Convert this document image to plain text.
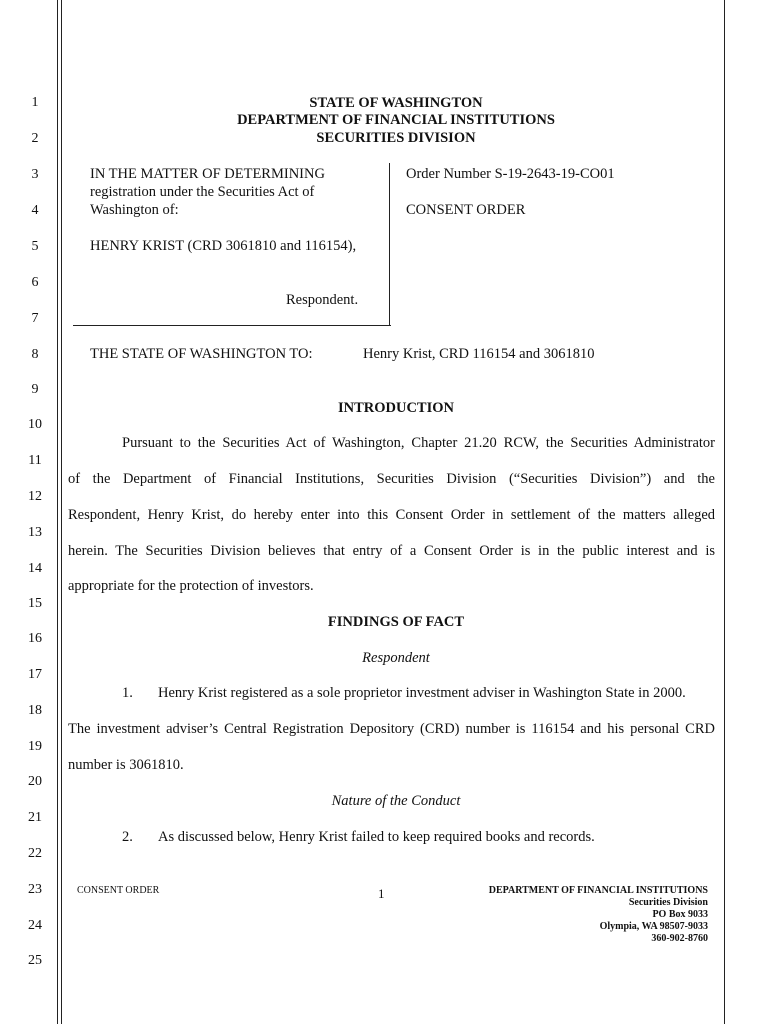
1
2
3
4
5
6
7
8
9
10
11
12
13
14
15
16
17
18
19
20
21
22
23
24
25
STATE OF WASHINGTON
DEPARTMENT OF FINANCIAL INSTITUTIONS
SECURITIES DIVISION
IN THE MATTER OF DETERMINING
registration under the Securities Act of
Washington of:
HENRY KRIST (CRD 3061810 and 116154),
Respondent.
Order Number S-19-2643-19-CO01
CONSENT ORDER
THE STATE OF WASHINGTON TO:	Henry Krist, CRD 116154 and 3061810
INTRODUCTION
Pursuant to the Securities Act of Washington, Chapter 21.20 RCW, the Securities Administrator
of the Department of Financial Institutions, Securities Division (“Securities Division”) and the
Respondent, Henry Krist, do hereby enter into this Consent Order in settlement of the matters alleged
herein. The Securities Division believes that entry of a Consent Order is in the public interest and is
appropriate for the protection of investors.
FINDINGS OF FACT
Respondent
1. Henry Krist registered as a sole proprietor investment adviser in Washington State in 2000.
The investment adviser’s Central Registration Depository (CRD) number is 116154 and his personal CRD
number is 3061810.
Nature of the Conduct
2. As discussed below, Henry Krist failed to keep required books and records.
CONSENT ORDER	1	DEPARTMENT OF FINANCIAL INSTITUTIONS
Securities Division
PO Box 9033
Olympia, WA 98507-9033
360-902-8760
